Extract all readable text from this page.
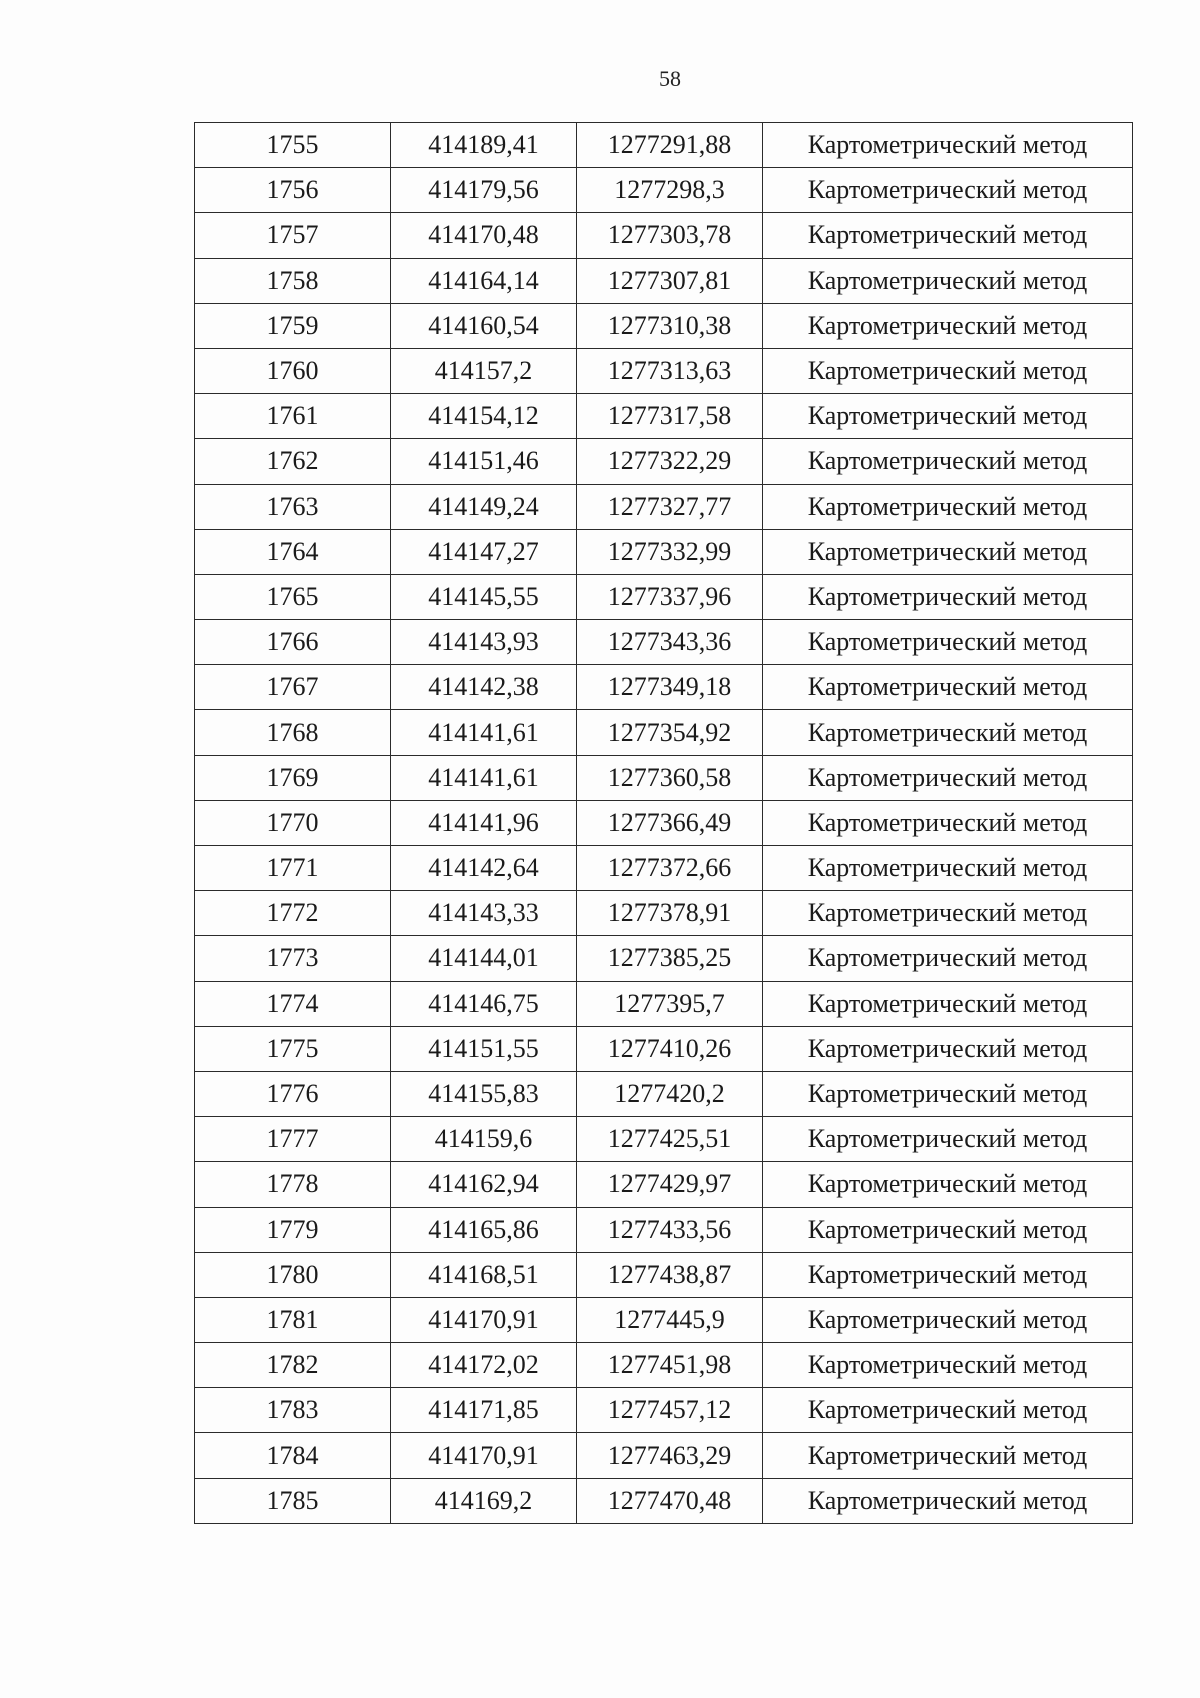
58
1755	414189,41	1277291,88	Картометрический метод
1756	414179,56	1277298,3	Картометрический метод
1757	414170,48	1277303,78	Картометрический метод
1758	414164,14	1277307,81	Картометрический метод
1759	414160,54	1277310,38	Картометрический метод
1760	414157,2	1277313,63	Картометрический метод
1761	414154,12	1277317,58	Картометрический метод
1762	414151,46	1277322,29	Картометрический метод
1763	414149,24	1277327,77	Картометрический метод
1764	414147,27	1277332,99	Картометрический метод
1765	414145,55	1277337,96	Картометрический метод
1766	414143,93	1277343,36	Картометрический метод
1767	414142,38	1277349,18	Картометрический метод
1768	414141,61	1277354,92	Картометрический метод
1769	414141,61	1277360,58	Картометрический метод
1770	414141,96	1277366,49	Картометрический метод
1771	414142,64	1277372,66	Картометрический метод
1772	414143,33	1277378,91	Картометрический метод
1773	414144,01	1277385,25	Картометрический метод
1774	414146,75	1277395,7	Картометрический метод
1775	414151,55	1277410,26	Картометрический метод
1776	414155,83	1277420,2	Картометрический метод
1777	414159,6	1277425,51	Картометрический метод
1778	414162,94	1277429,97	Картометрический метод
1779	414165,86	1277433,56	Картометрический метод
1780	414168,51	1277438,87	Картометрический метод
1781	414170,91	1277445,9	Картометрический метод
1782	414172,02	1277451,98	Картометрический метод
1783	414171,85	1277457,12	Картометрический метод
1784	414170,91	1277463,29	Картометрический метод
1785	414169,2	1277470,48	Картометрический метод
